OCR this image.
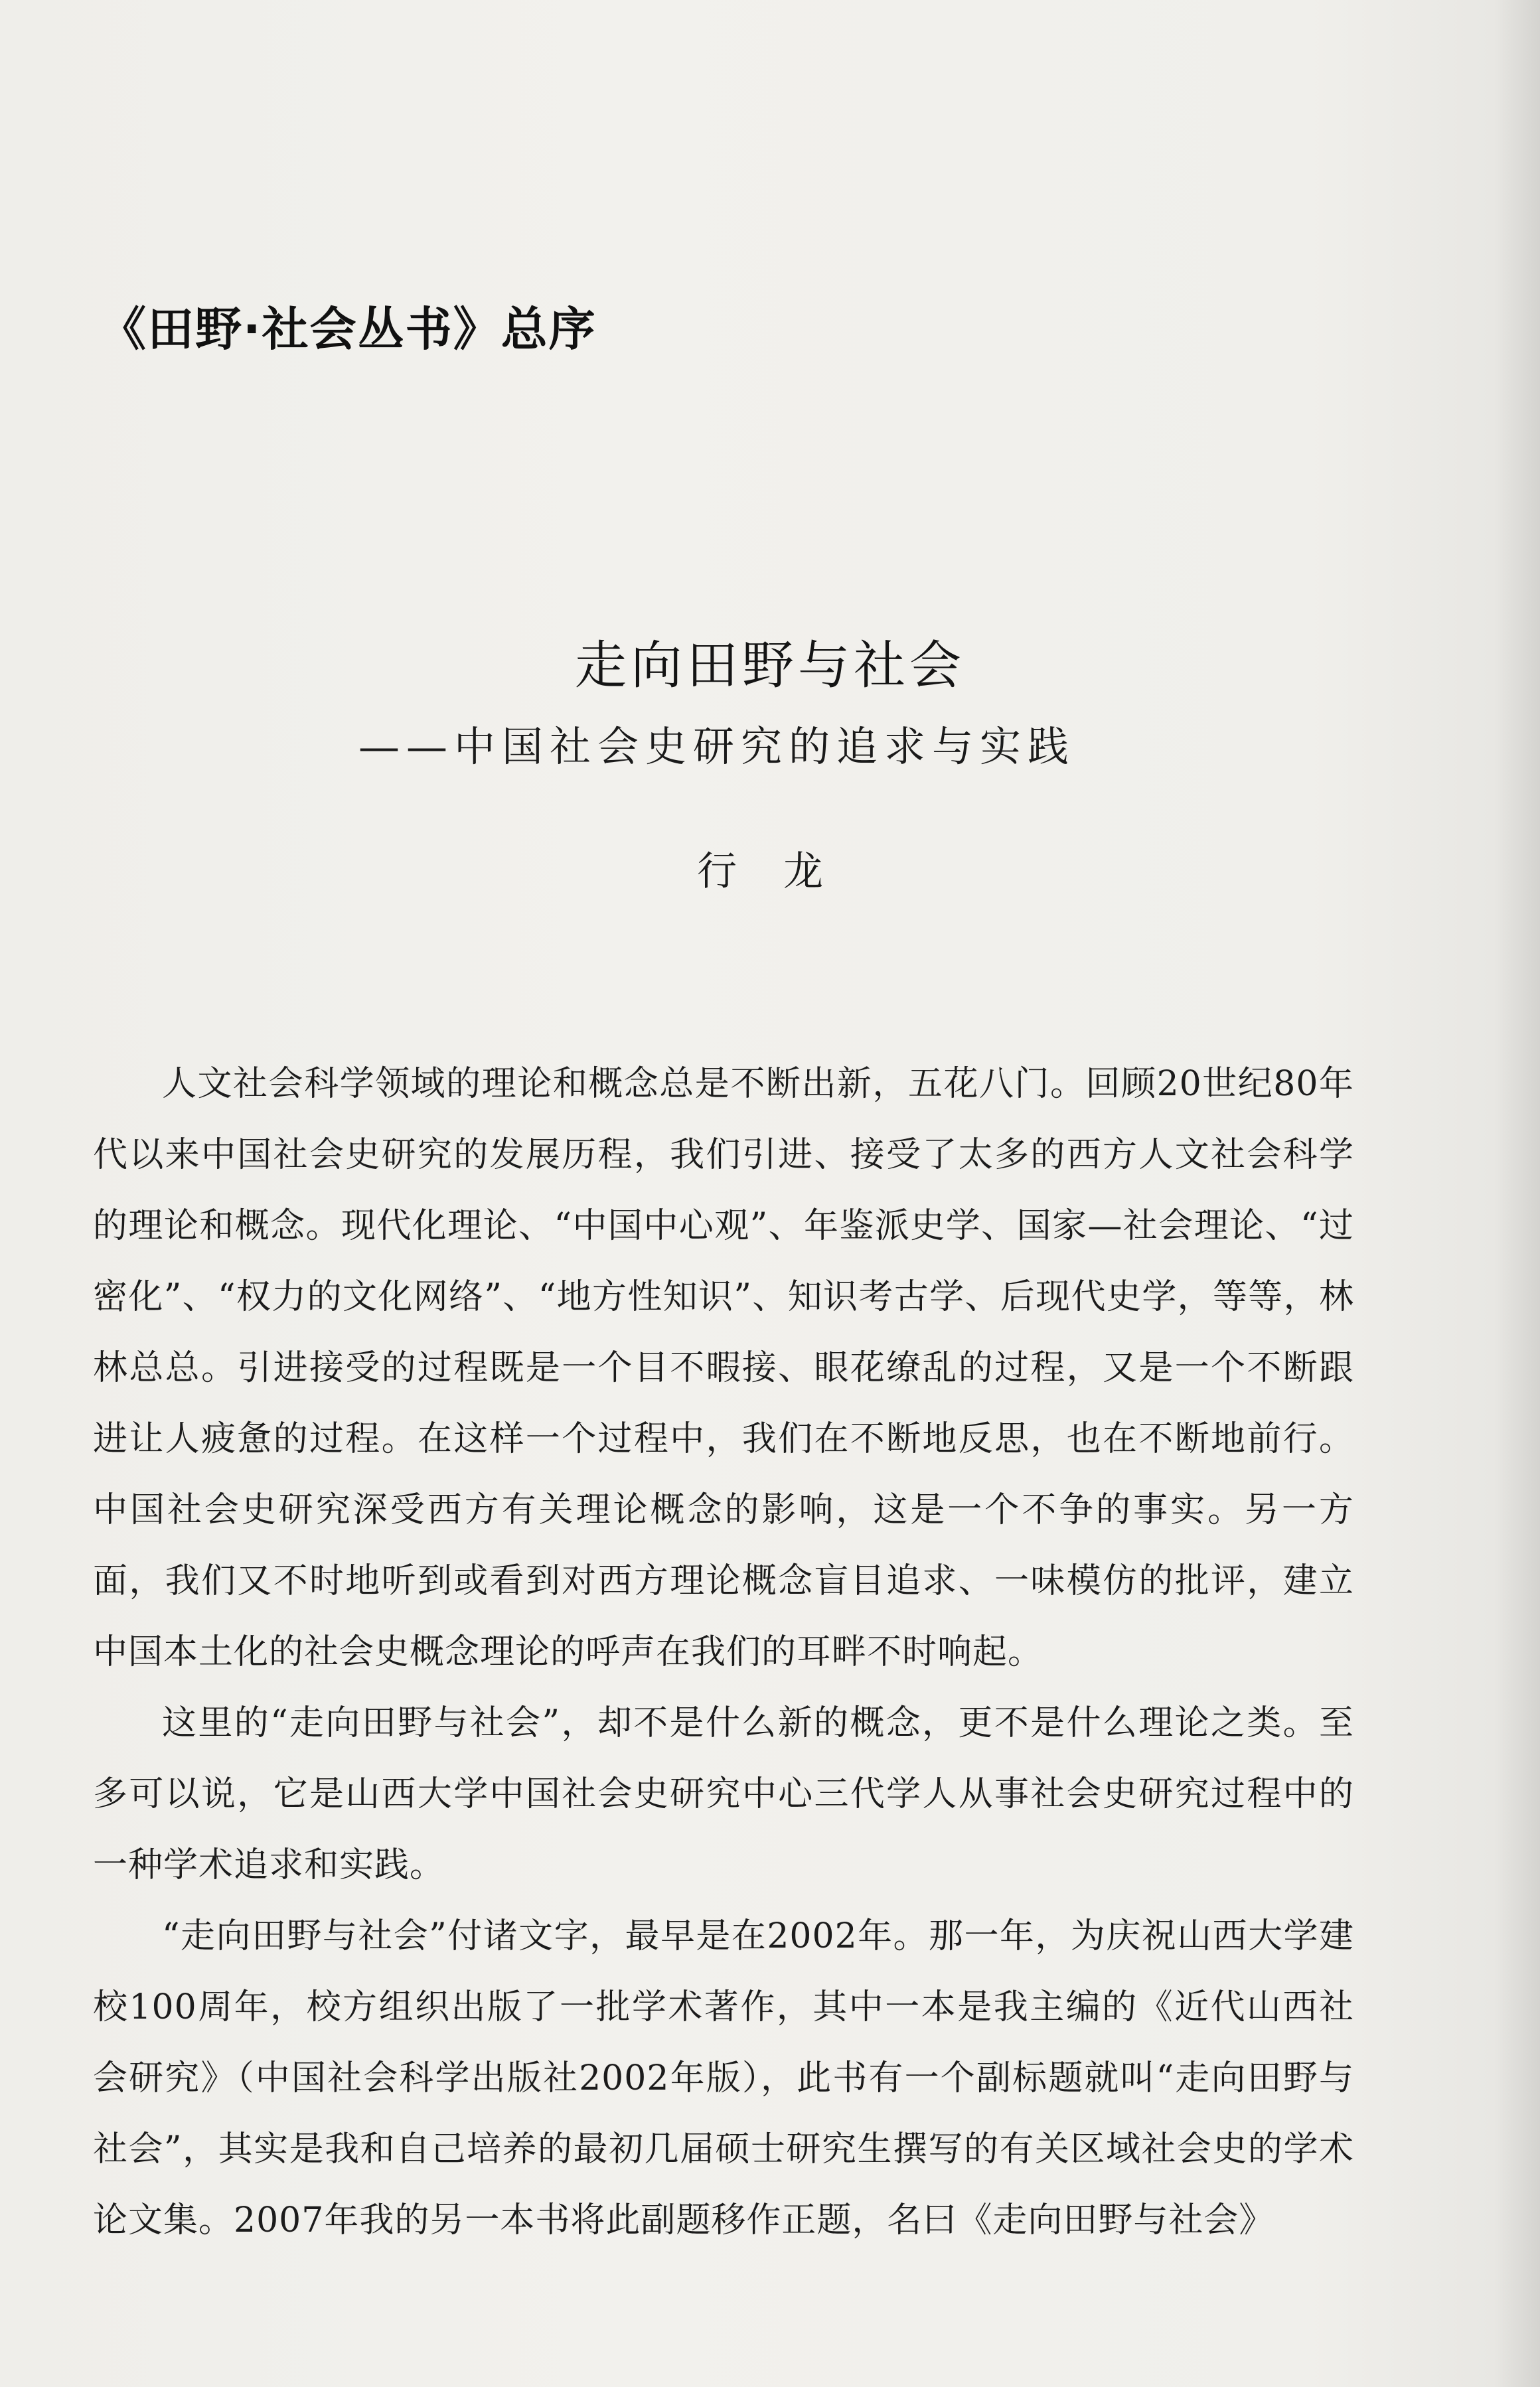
《田野·社会丛书》总序
走向田野与社会
——中国社会史研究的追求与实践
行龙

人文社会科学领域的理论和概念总是不断出新，五花八门。回顾20世纪80年代以来中国社会史研究的发展历程，我们引进、接受了太多的西方人文社会科学的理论和概念。现代化理论、“中国中心观”、年鉴派史学、国家—社会理论、“过密化”、“权力的文化网络”、“地方性知识”、知识考古学、后现代史学，等等，林林总总。引进接受的过程既是一个目不暇接、眼花缭乱的过程，又是一个不断跟进让人疲惫的过程。在这样一个过程中，我们在不断地反思，也在不断地前行。中国社会史研究深受西方有关理论概念的影响，这是一个不争的事实。另一方面，我们又不时地听到或看到对西方理论概念盲目追求、一味模仿的批评，建立中国本土化的社会史概念理论的呼声在我们的耳畔不时响起。

这里的“走向田野与社会”，却不是什么新的概念，更不是什么理论之类。至多可以说，它是山西大学中国社会史研究中心三代学人从事社会史研究过程中的一种学术追求和实践。

“走向田野与社会”付诸文字，最早是在2002年。那一年，为庆祝山西大学建校100周年，校方组织出版了一批学术著作，其中一本是我主编的《近代山西社会研究》（中国社会科学出版社2002年版），此书有一个副标题就叫“走向田野与社会”，其实是我和自己培养的最初几届硕士研究生撰写的有关区域社会史的学术论文集。2007年我的另一本书将此副题移作正题，名曰《走向田野与社会》
